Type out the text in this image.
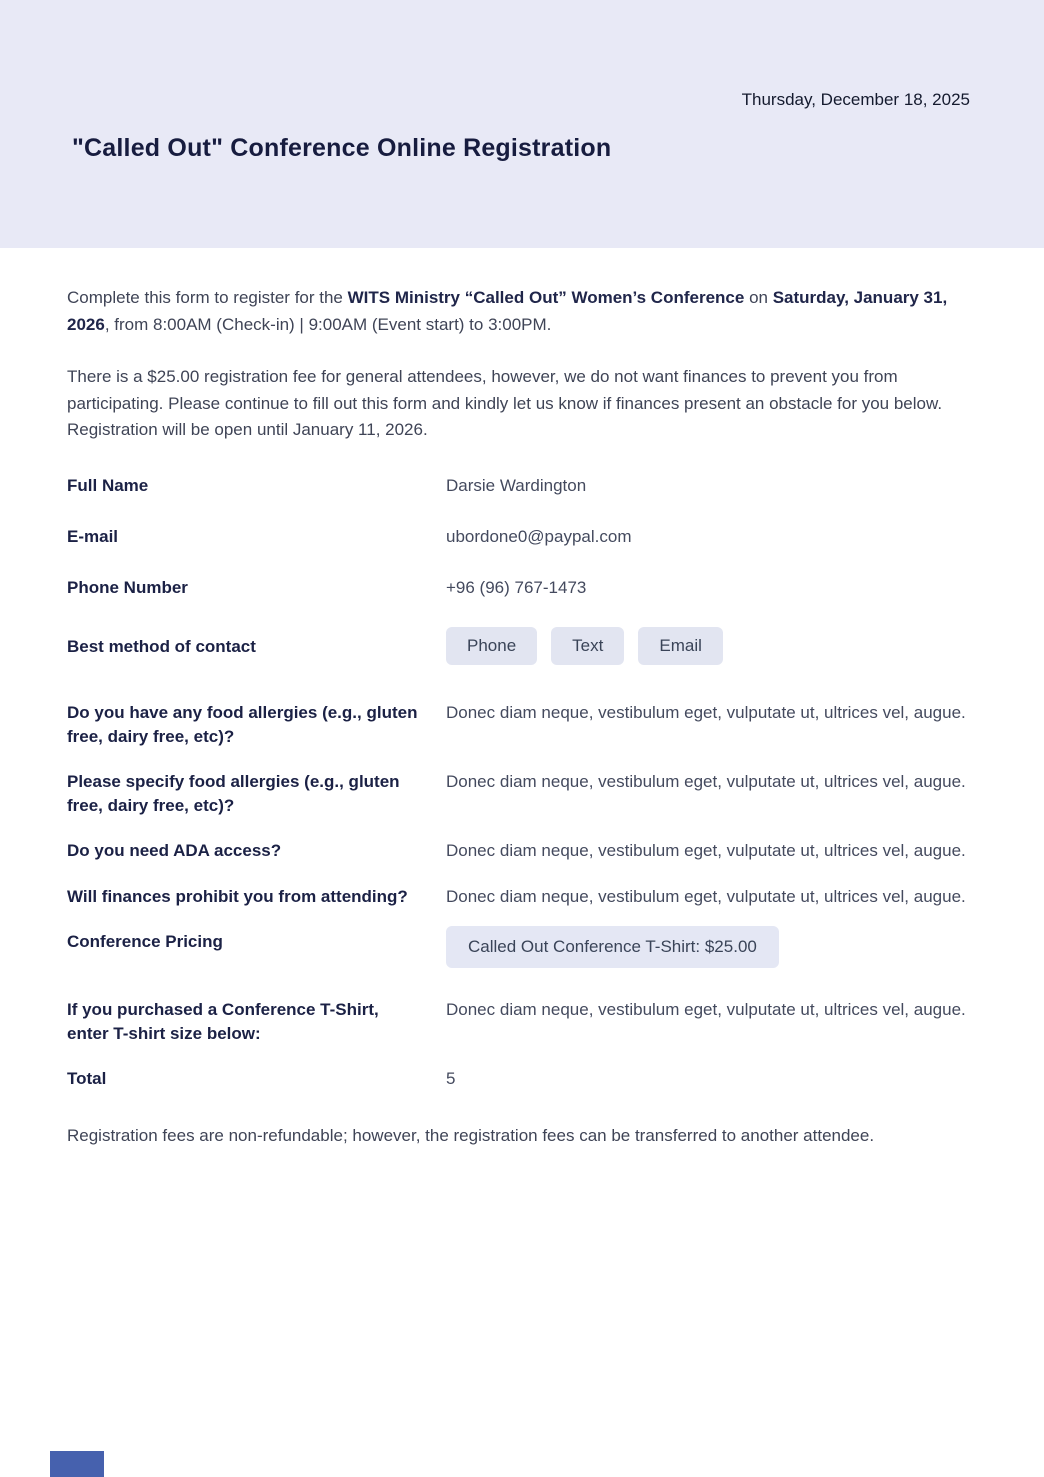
Thursday, December 18, 2025

"Called Out" Conference Online Registration

Complete this form to register for the WITS Ministry “Called Out” Women’s Conference on Saturday, January 31, 2026, from 8:00AM (Check-in) | 9:00AM (Event start) to 3:00PM.

There is a $25.00 registration fee for general attendees, however, we do not want finances to prevent you from participating. Please continue to fill out this form and kindly let us know if finances present an obstacle for you below. Registration will be open until January 11, 2026.

Full Name	Darsie Wardington
E-mail	ubordone0@paypal.com
Phone Number	+96 (96) 767-1473
Best method of contact	Phone	Text	Email
Do you have any food allergies (e.g., gluten free, dairy free, etc)?
Donec diam neque, vestibulum eget, vulputate ut, ultrices vel, augue.
Please specify food allergies (e.g., gluten free, dairy free, etc)?
Donec diam neque, vestibulum eget, vulputate ut, ultrices vel, augue.
Do you need ADA access?	Donec diam neque, vestibulum eget, vulputate ut, ultrices vel, augue.
Will finances prohibit you from attending?	Donec diam neque, vestibulum eget, vulputate ut, ultrices vel, augue.
Conference Pricing	Called Out Conference T-Shirt: $25.00
If you purchased a Conference T-Shirt, enter T-shirt size below:
Donec diam neque, vestibulum eget, vulputate ut, ultrices vel, augue.
Total	5

Registration fees are non-refundable; however, the registration fees can be transferred to another attendee.
